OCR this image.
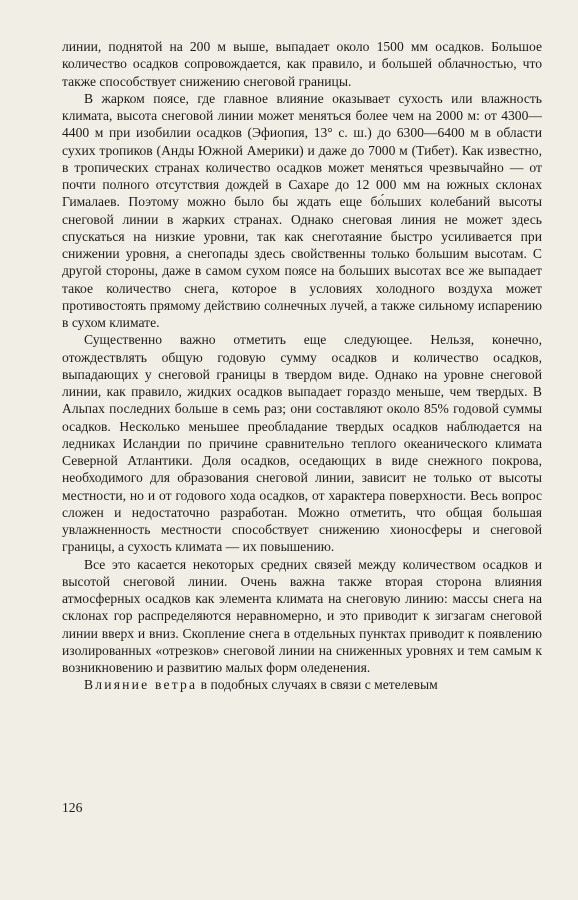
линии, поднятой на 200 м выше, выпадает около 1500 мм осадков. Большое количество осадков сопровождается, как правило, и большей облачностью, что также способствует снижению снеговой границы.

В жарком поясе, где главное влияние оказывает сухость или влажность климата, высота снеговой линии может меняться более чем на 2000 м: от 4300—4400 м при изобилии осадков (Эфиопия, 13° с. ш.) до 6300—6400 м в области сухих тропиков (Анды Южной Америки) и даже до 7000 м (Тибет). Как известно, в тропических странах количество осадков может меняться чрезвычайно — от почти полного отсутствия дождей в Сахаре до 12 000 мм на южных склонах Гималаев. Поэтому можно было бы ждать еще бо́льших колебаний высоты снеговой линии в жарких странах. Однако снеговая линия не может здесь спускаться на низкие уровни, так как снеготаяние быстро усиливается при снижении уровня, а снегопады здесь свойственны только большим высотам. С другой стороны, даже в самом сухом поясе на больших высотах все же выпадает такое количество снега, которое в условиях холодного воздуха может противостоять прямому действию солнечных лучей, а также сильному испарению в сухом климате.

Существенно важно отметить еще следующее. Нельзя, конечно, отождествлять общую годовую сумму осадков и количество осадков, выпадающих у снеговой границы в твердом виде. Однако на уровне снеговой линии, как правило, жидких осадков выпадает гораздо меньше, чем твердых. В Альпах последних больше в семь раз; они составляют около 85% годовой суммы осадков. Несколько меньшее преобладание твердых осадков наблюдается на ледниках Исландии по причине сравнительно теплого океанического климата Северной Атлантики. Доля осадков, оседающих в виде снежного покрова, необходимого для образования снеговой линии, зависит не только от высоты местности, но и от годового хода осадков, от характера поверхности. Весь вопрос сложен и недостаточно разработан. Можно отметить, что общая большая увлажненность местности способствует снижению хионосферы и снеговой границы, а сухость климата — их повышению.

Все это касается некоторых средних связей между количеством осадков и высотой снеговой линии. Очень важна также вторая сторона влияния атмосферных осадков как элемента климата на снеговую линию: массы снега на склонах гор распределяются неравномерно, и это приводит к зигзагам снеговой линии вверх и вниз. Скопление снега в отдельных пунктах приводит к появлению изолированных «отрезков» снеговой линии на сниженных уровнях и тем самым к возникновению и развитию малых форм оледенения.

Влияние ветра в подобных случаях в связи с метелевым

126
